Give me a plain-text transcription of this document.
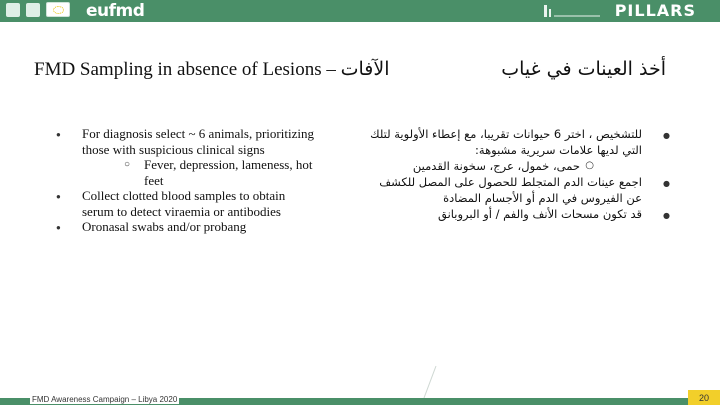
eufmd	PILLARS
FMD Sampling in absence of Lesions – الآفات	أخذ العينات في غياب
● For diagnosis select ~ 6 animals, prioritizing those with suspicious clinical signs
○ Fever, depression, lameness, hot feet
● Collect clotted blood samples to obtain serum to detect viraemia or antibodies
● Oronasal swabs and/or probang
● للتشخيص ، اختر 6 حيوانات تقريبا، مع إعطاء الأولوية لتلك التي لديها علامات سريرية مشبوهة:
○ حمى، خمول، عرج، سخونة القدمين
● اجمع عينات الدم المتجلط للحصول على المصل للكشف عن الفيروس في الدم أو الأجسام المضادة
● قد تكون مسحات الأنف والفم / أو البروبانق
FMD Awareness Campaign – Libya 2020	20
